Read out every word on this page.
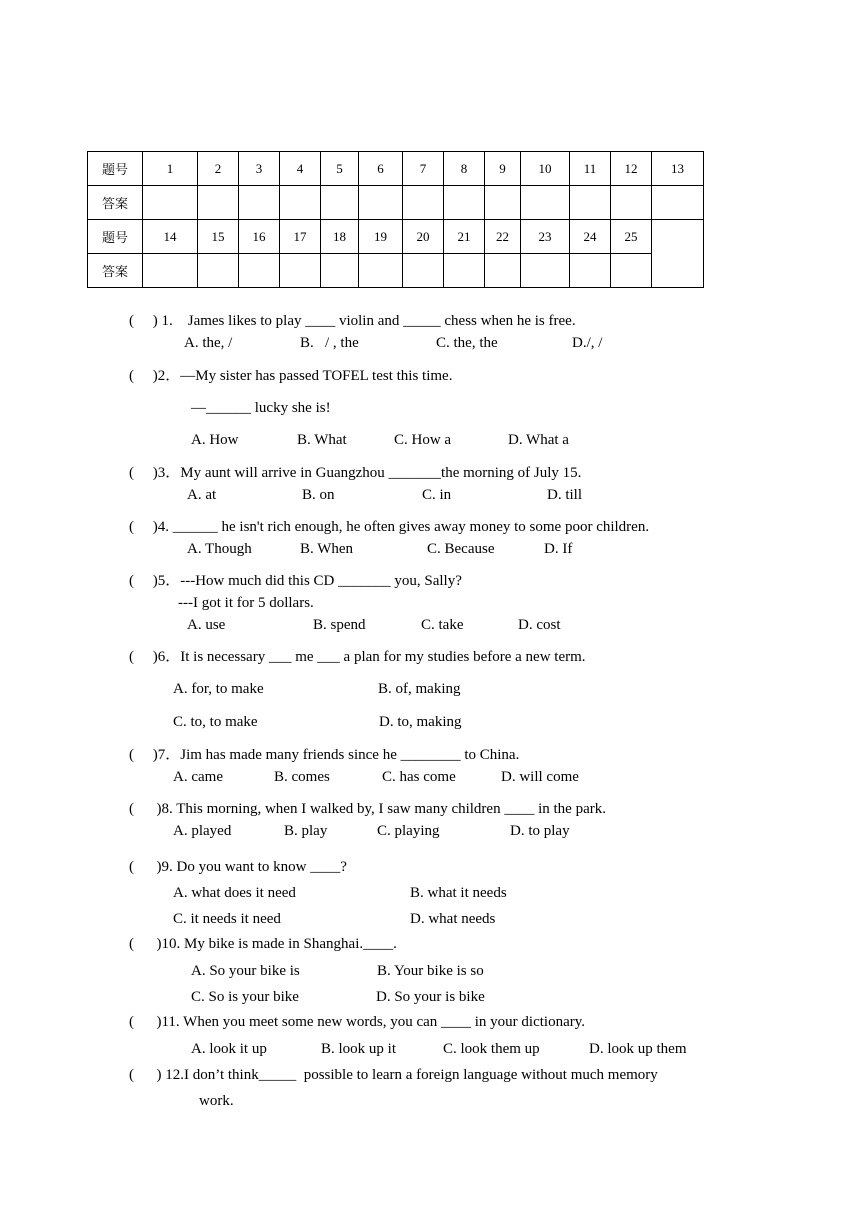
题号	1	2	3	4	5	6	7	8	9	10	11	12	13
答案													
题号	14	15	16	17	18	19	20	21	22	23	24	25	
答案													
(     ) 1.    James likes to play ____ violin and _____ chess when he is free.
A. the, /	B.   / , the	C. the, the	D./, /
(     )2．—My sister has passed TOFEL test this time.
—______ lucky she is!
A. How	B. What	C. How a	D. What a
(     )3．My aunt will arrive in Guangzhou _______the morning of July 15.
A. at	B. on	C. in	D. till
(     )4. ______ he isn't rich enough, he often gives away money to some poor children.
A. Though	B. When	C. Because	D. If
(     )5．---How much did this CD _______ you, Sally?
---I got it for 5 dollars.
A. use	B. spend	C. take	D. cost
(     )6．It is necessary ___ me ___ a plan for my studies before a new term.
A. for, to make	B. of, making
C. to, to make	D. to, making
(     )7．Jim has made many friends since he ________ to China.
A. came	B. comes	C. has come	D. will come
(      )8. This morning, when I walked by, I saw many children ____ in the park.
A. played	B. play	C. playing	D. to play
(      )9. Do you want to know ____?
A. what does it need	B. what it needs
C. it needs it need	D. what needs
(      )10. My bike is made in Shanghai.____.
A. So your bike is	B. Your bike is so
C. So is your bike	D. So your is bike
(      )11. When you meet some new words, you can ____ in your dictionary.
A. look it up	B. look up it	C. look them up	D. look up them
(      ) 12.I don’t think_____  possible to learn a foreign language without much memory
work.
